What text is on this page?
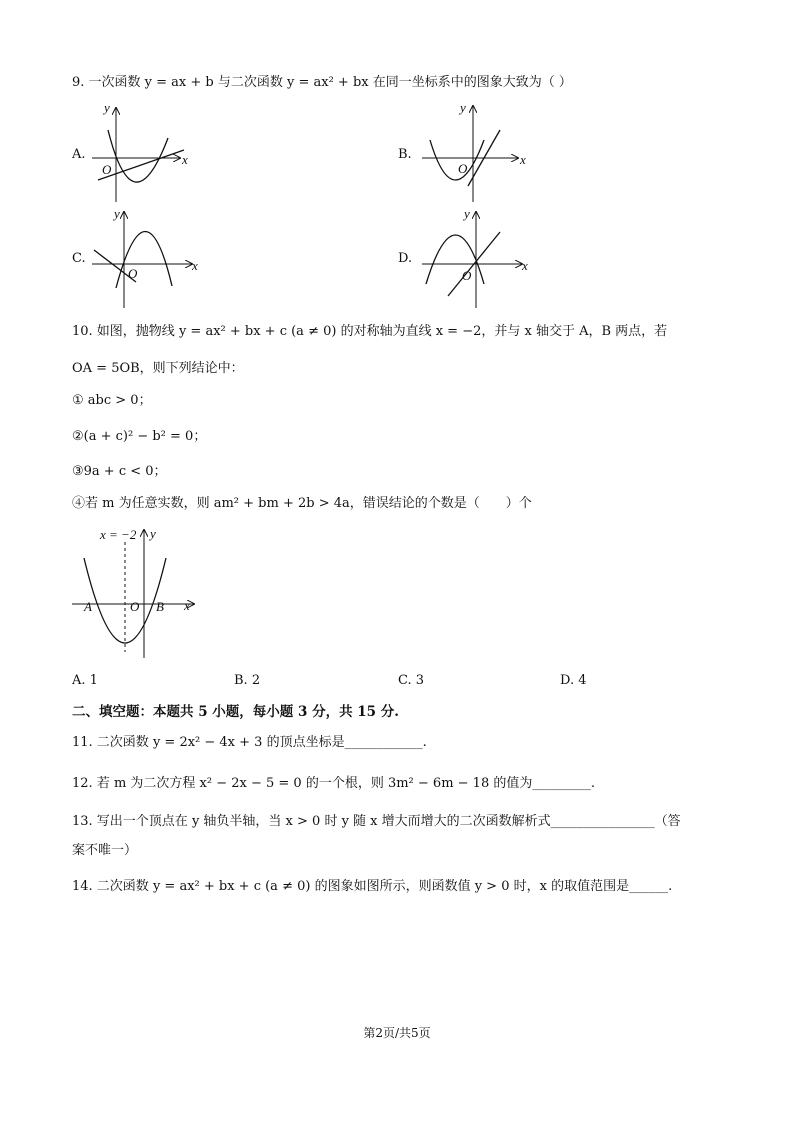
9. 一次函数 y = ax + b 与二次函数 y = ax² + bx 在同一坐标系中的图象大致为（ ）
A.	B.
C.	D.
y
x
O
y
x
O
y
x
O
y
x
O
10. 如图，抛物线 y = ax² + bx + c (a ≠ 0) 的对称轴为直线 x = −2，并与 x 轴交于 A，B 两点，若
OA = 5OB，则下列结论中：
① abc > 0；
②(a + c)² − b² = 0；
③9a + c < 0；
④若 m 为任意实数，则 am² + bm + 2b > 4a，错误结论的个数是（　　）个
x = −2 y
x
A	O B
A. 1	B. 2	C. 3	D. 4
二、填空题：本题共 5 小题，每小题 3 分，共 15 分.
11. 二次函数 y = 2x² − 4x + 3 的顶点坐标是____________.
12. 若 m 为二次方程 x² − 2x − 5 = 0 的一个根，则 3m² − 6m − 18 的值为_________.
13. 写出一个顶点在 y 轴负半轴，当 x > 0 时 y 随 x 增大而增大的二次函数解析式________________（答
案不唯一）
14. 二次函数 y = ax² + bx + c (a ≠ 0) 的图象如图所示，则函数值 y > 0 时，x 的取值范围是______.
第2页/共5页
